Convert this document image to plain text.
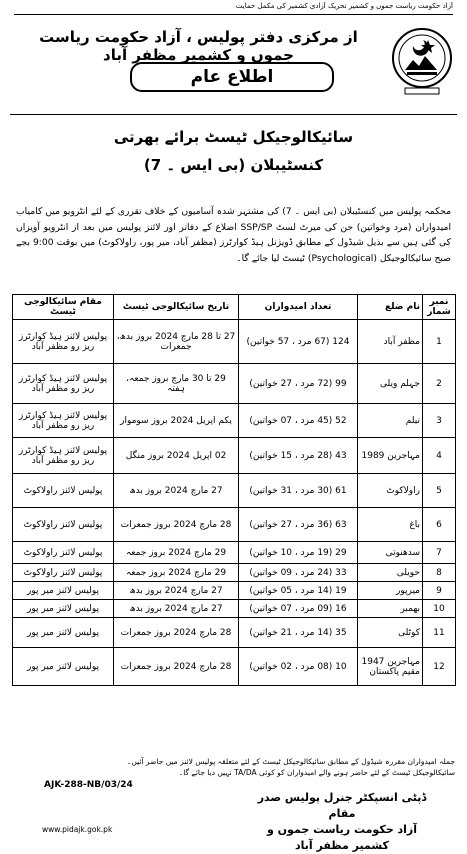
آزاد حکومت ریاست جموں و کشمیر تحریک آزادی کشمیر کی مکمل حمایت
از مرکزی دفتر پولیس ، آزاد حکومت ریاست جموں و کشمیر مظفر آباد
اطلاع عام
سائیکالوجیکل ٹیسٹ برائے بھرتی
کنسٹیبلان (بی ایس ۔ 7)
محکمہ پولیس میں کنسٹیبلان (بی ایس ۔ 7) کی مشتہر شدہ آسامیوں کے خلاف تقرری کے لئے انٹرویو میں کامیاب امیدواران (مرد وخواتین) جن کی میرٹ لسٹ SSP/SP اضلاع کے دفاتر اور لائنز پولیس میں بعد از انٹرویو آویزاں کی گئی ہیں سے بذیل شیڈول کے مطابق ڈویژنل ہیڈ کوارٹرز (مظفر آباد، میر پور، راولاکوٹ) میں بوقت 9:00 بجے صبح سائیکالوجیکل (Psychological) ٹیسٹ لیا جائے گا۔
نمبر شمار	نام ضلع	تعداد امیدواران	تاریخ سائیکالوجی ٹیسٹ	مقام سائیکالوجی ٹیسٹ
1	مظفر آباد	124 (67 مرد ، 57 خواتین)	27 تا 28 مارچ 2024 بروز بدھ، جمعرات	پولیس لائنز ہیڈ کوارٹرز ریز رو مظفر آباد
2	جہلم ویلی	99 (72 مرد ، 27 خواتین)	29 تا 30 مارچ بروز جمعہ، ہفتہ	پولیس لائنز ہیڈ کوارٹرز ریز رو مظفر آباد
3	نیلم	52 (45 مرد ، 07 خواتین)	یکم اپریل 2024 بروز سوموار	پولیس لائنز ہیڈ کوارٹرز ریز رو مظفر آباد
4	مہاجرین 1989	43 (28 مرد ، 15 خواتین)	02 اپریل 2024 بروز منگل	پولیس لائنز ہیڈ کوارٹرز ریز رو مظفر آباد
5	راولاکوٹ	61 (30 مرد ، 31 خواتین)	27 مارچ 2024 بروز بدھ	پولیس لائنز راولاکوٹ
6	باغ	63 (36 مرد ، 27 خواتین)	28 مارچ 2024 بروز جمعرات	پولیس لائنز راولاکوٹ
7	سدھنوتی	29 (19 مرد ، 10 خواتین)	29 مارچ 2024 بروز جمعہ	پولیس لائنز راولاکوٹ
8	حویلی	33 (24 مرد ، 09 خواتین)	29 مارچ 2024 بروز جمعہ	پولیس لائنز راولاکوٹ
9	میرپور	19 (14 مرد ، 05 خواتین)	27 مارچ 2024 بروز بدھ	پولیس لائنز میر پور
10	بھمبر	16 (09 مرد ، 07 خواتین)	27 مارچ 2024 بروز بدھ	پولیس لائنز میر پور
11	کوٹلی	35 (14 مرد ، 21 خواتین)	28 مارچ 2024 بروز جمعرات	پولیس لائنز میر پور
12	مہاجرین 1947 مقیم پاکستان	10 (08 مرد ، 02 خواتین)	28 مارچ 2024 بروز جمعرات	پولیس لائنز میر پور
جملہ امیدواران مقررہ شیڈول کے مطابق سائیکالوجیکل ٹیسٹ کے لئے متعلقہ پولیس لائنز میں حاضر آئیں۔
سائیکالوجیکل ٹیسٹ کے لئے حاضر ہونے والے امیدواران کو کوئی TA/DA نہیں دیا جائے گا۔
AJK-288-NB/03/24
ڈپٹی انسپکٹر جنرل پولیس صدر مقام
آزاد حکومت ریاست جموں و کشمیر مظفر آباد
www.pidajk.gok.pk
